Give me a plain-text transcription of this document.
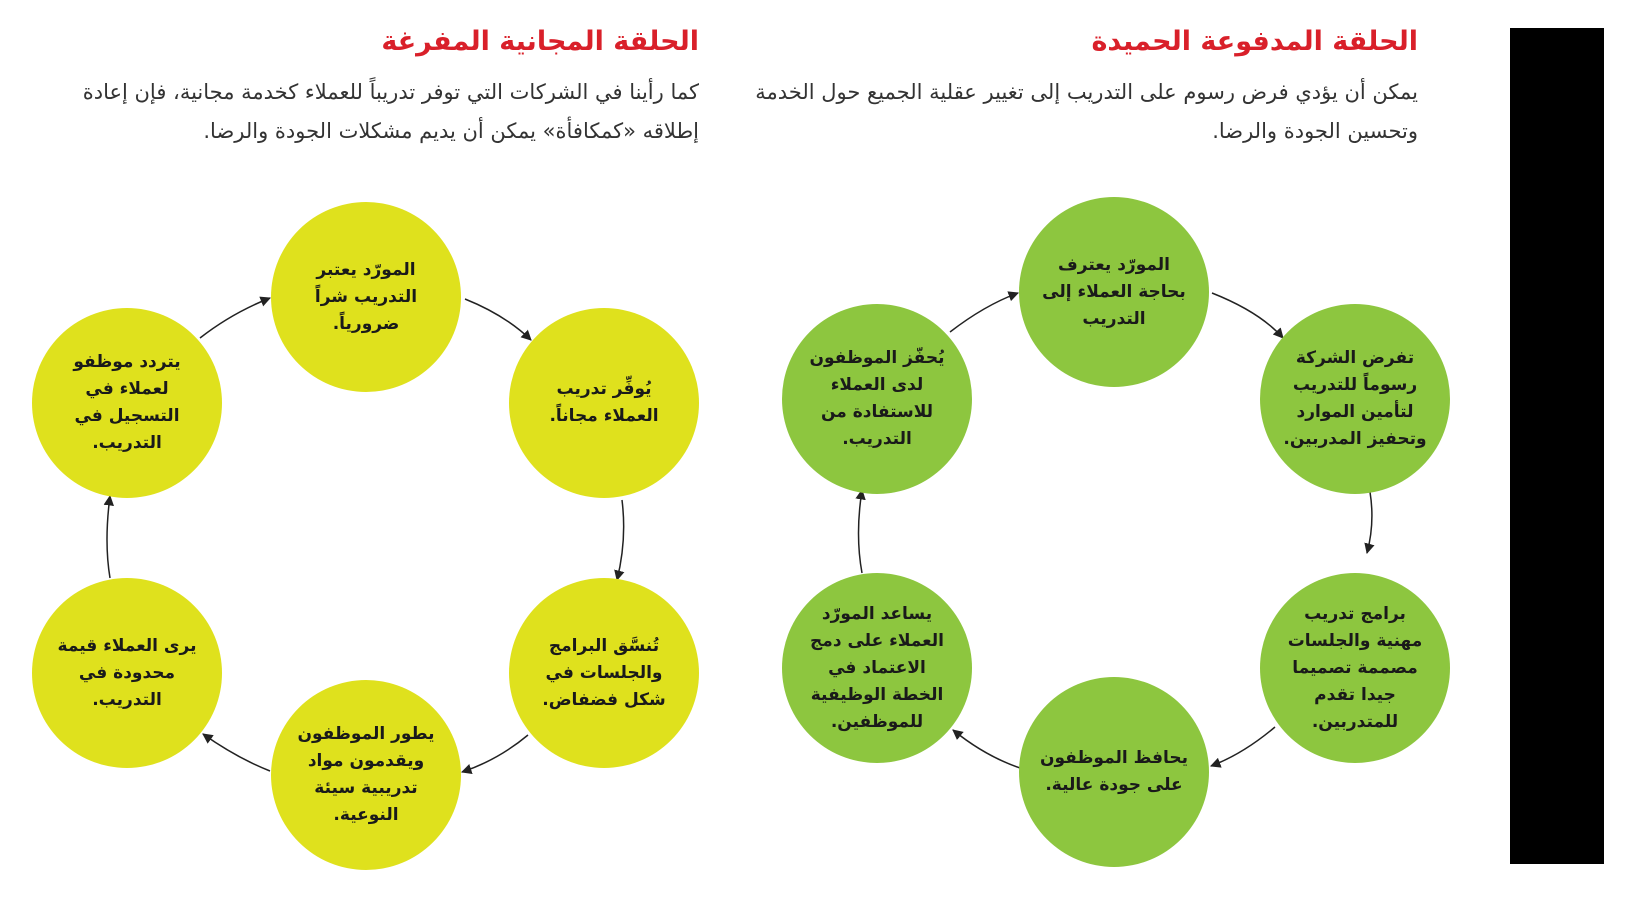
الحلقة المدفوعة الحميدة

يمكن أن يؤدي فرض رسوم على التدريب إلى تغيير عقلية الجميع حول الخدمة
وتحسين الجودة والرضا.

الحلقة المجانية المفرغة

كما رأينا في الشركات التي توفر تدريباً للعملاء كخدمة مجانية، فإن إعادة
إطلاقه «كمكافأة» يمكن أن يديم مشكلات الجودة والرضا.

المورّد يعترف بحاجة العملاء إلى التدريب
تفرض الشركة رسوماً للتدريب لتأمين الموارد وتحفيز المدربين.
برامج تدريب مهنية والجلسات مصممة تصميما جيدا تقدم للمتدربين.
يحافظ الموظفون على جودة عالية.
يساعد المورّد العملاء على دمج الاعتماد في الخطة الوظيفية للموظفين.
يُحفّز الموظفون لدى العملاء للاستفادة من التدريب.
المورّد يعتبر التدريب شراً ضرورياً.
يُوفِّر تدريب العملاء مجاناً.
تُنسَّق البرامج والجلسات في شكل فضفاض.
يطور الموظفون ويقدمون مواد تدريبية سيئة النوعية.
يرى العملاء قيمة محدودة في التدريب.
يتردد موظفو لعملاء في التسجيل في التدريب.
